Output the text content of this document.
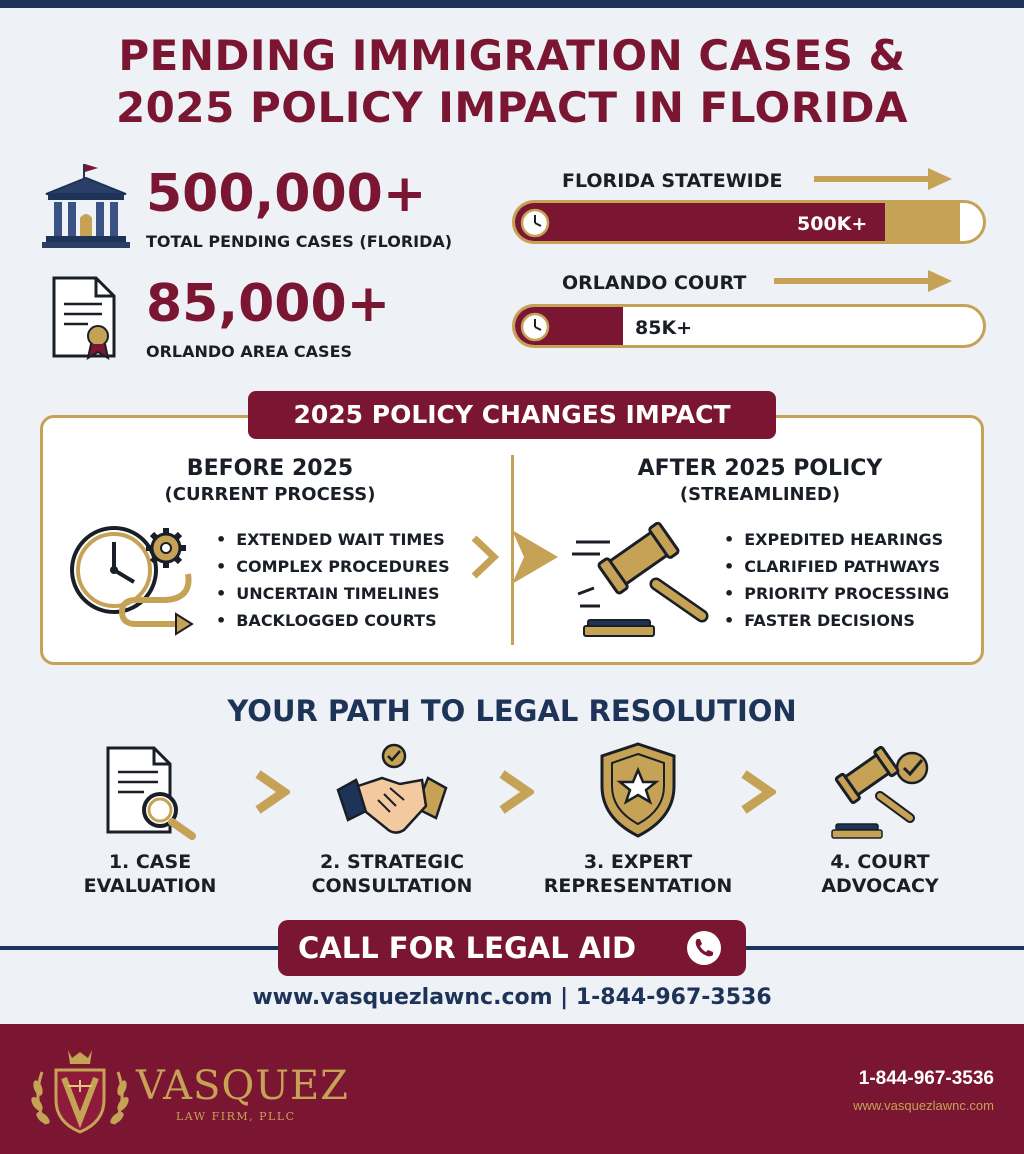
PENDING IMMIGRATION CASES &
2025 POLICY IMPACT IN FLORIDA
500,000+
TOTAL PENDING CASES (FLORIDA)
85,000+
ORLANDO AREA CASES
FLORIDA STATEWIDE
500K+
ORLANDO COURT
85K+
2025 POLICY CHANGES IMPACT
BEFORE 2025
(CURRENT PROCESS)
• EXTENDED WAIT TIMES
• COMPLEX PROCEDURES
• UNCERTAIN TIMELINES
• BACKLOGGED COURTS
AFTER 2025 POLICY
(STREAMLINED)
• EXPEDITED HEARINGS
• CLARIFIED PATHWAYS
• PRIORITY PROCESSING
• FASTER DECISIONS
YOUR PATH TO LEGAL RESOLUTION
1. CASE
EVALUATION
2. STRATEGIC
CONSULTATION
3. EXPERT
REPRESENTATION
4. COURT
ADVOCACY
CALL FOR LEGAL AID
www.vasquezlawnc.com | 1-844-967-3536
VASQUEZ
LAW FIRM, PLLC
1-844-967-3536
www.vasquezlawnc.com
